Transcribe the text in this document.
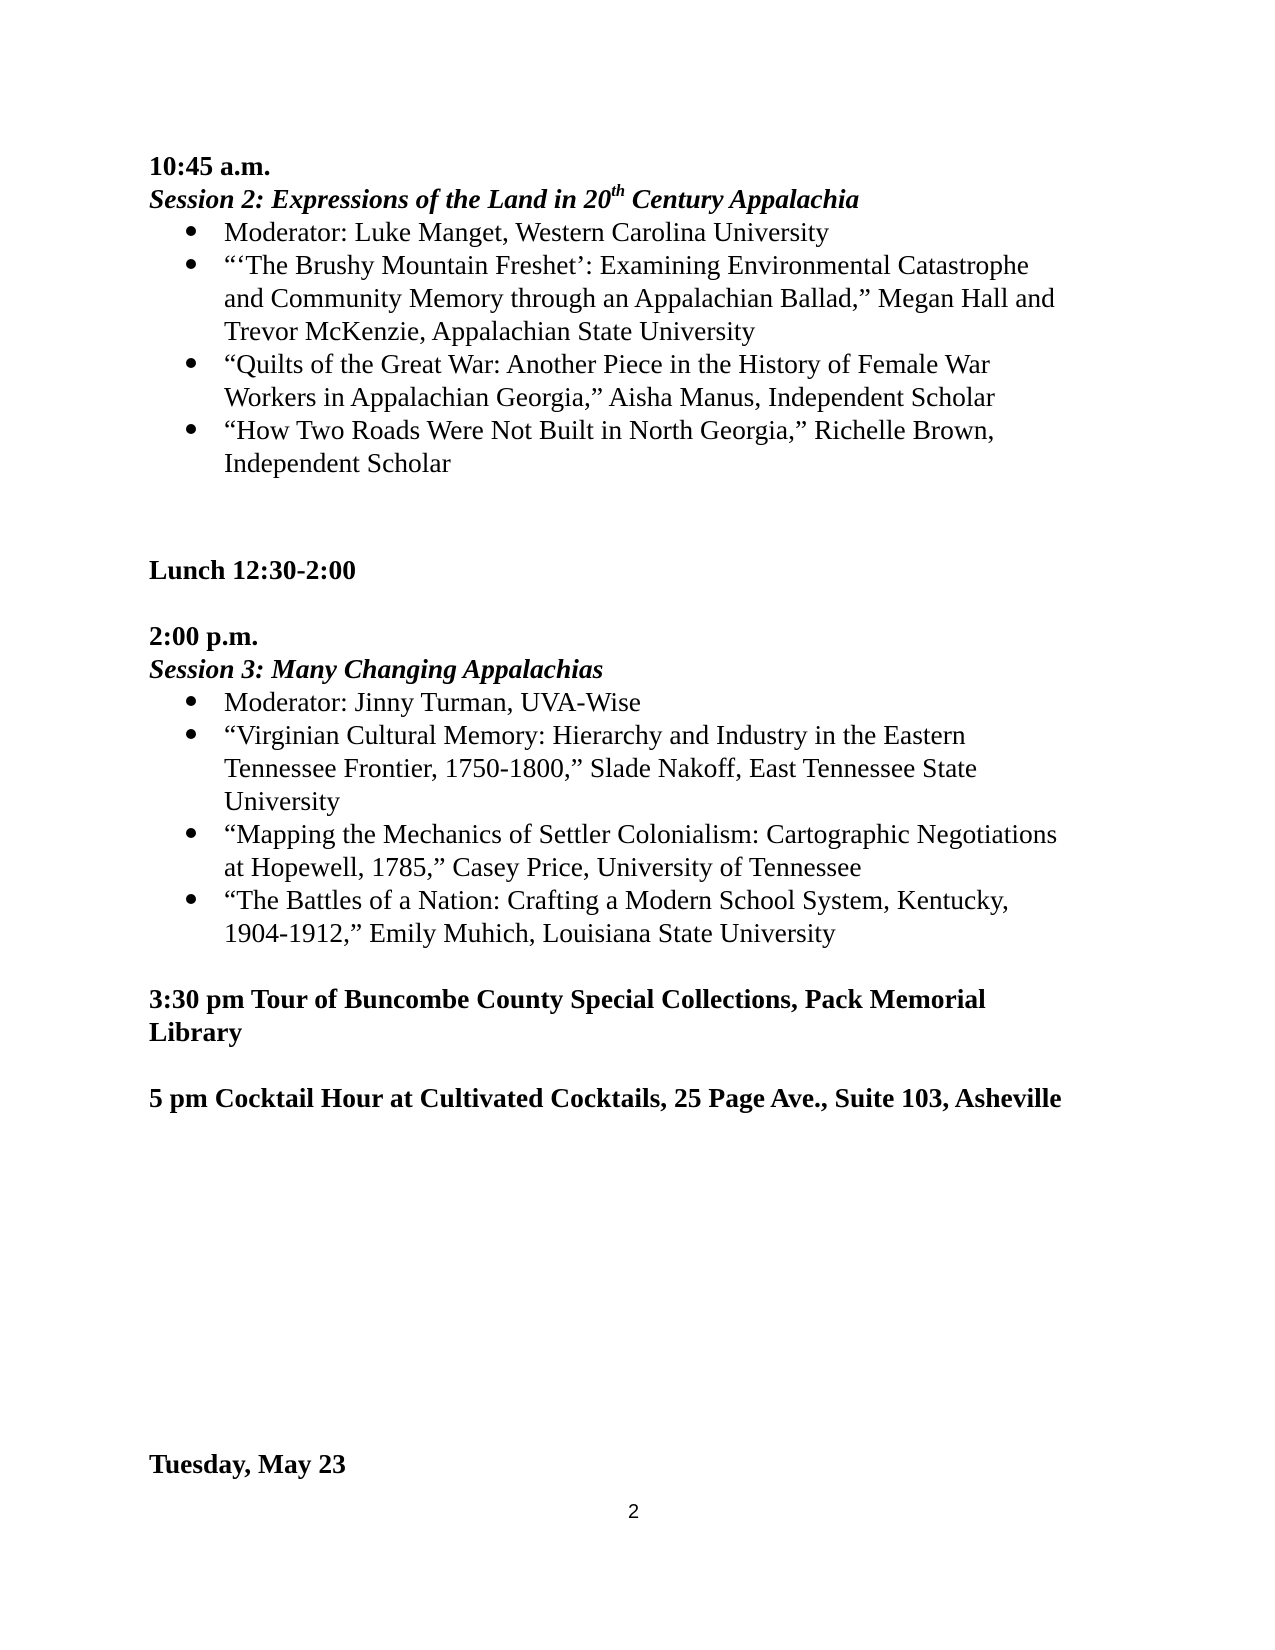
10:45 a.m.
Session 2: Expressions of the Land in 20th Century Appalachia
Moderator: Luke Manget, Western Carolina University
“‘The Brushy Mountain Freshet’: Examining Environmental Catastrophe
and Community Memory through an Appalachian Ballad,” Megan Hall and
Trevor McKenzie, Appalachian State University
“Quilts of the Great War: Another Piece in the History of Female War
Workers in Appalachian Georgia,” Aisha Manus, Independent Scholar
“How Two Roads Were Not Built in North Georgia,” Richelle Brown,
Independent Scholar
Lunch 12:30-2:00
2:00 p.m.
Session 3: Many Changing Appalachias
Moderator: Jinny Turman, UVA-Wise
“Virginian Cultural Memory: Hierarchy and Industry in the Eastern
Tennessee Frontier, 1750-1800,” Slade Nakoff, East Tennessee State
University
“Mapping the Mechanics of Settler Colonialism: Cartographic Negotiations
at Hopewell, 1785,” Casey Price, University of Tennessee
“The Battles of a Nation: Crafting a Modern School System, Kentucky,
1904-1912,” Emily Muhich, Louisiana State University
3:30 pm Tour of Buncombe County Special Collections, Pack Memorial
Library
5 pm Cocktail Hour at Cultivated Cocktails, 25 Page Ave., Suite 103, Asheville
Tuesday, May 23
2
